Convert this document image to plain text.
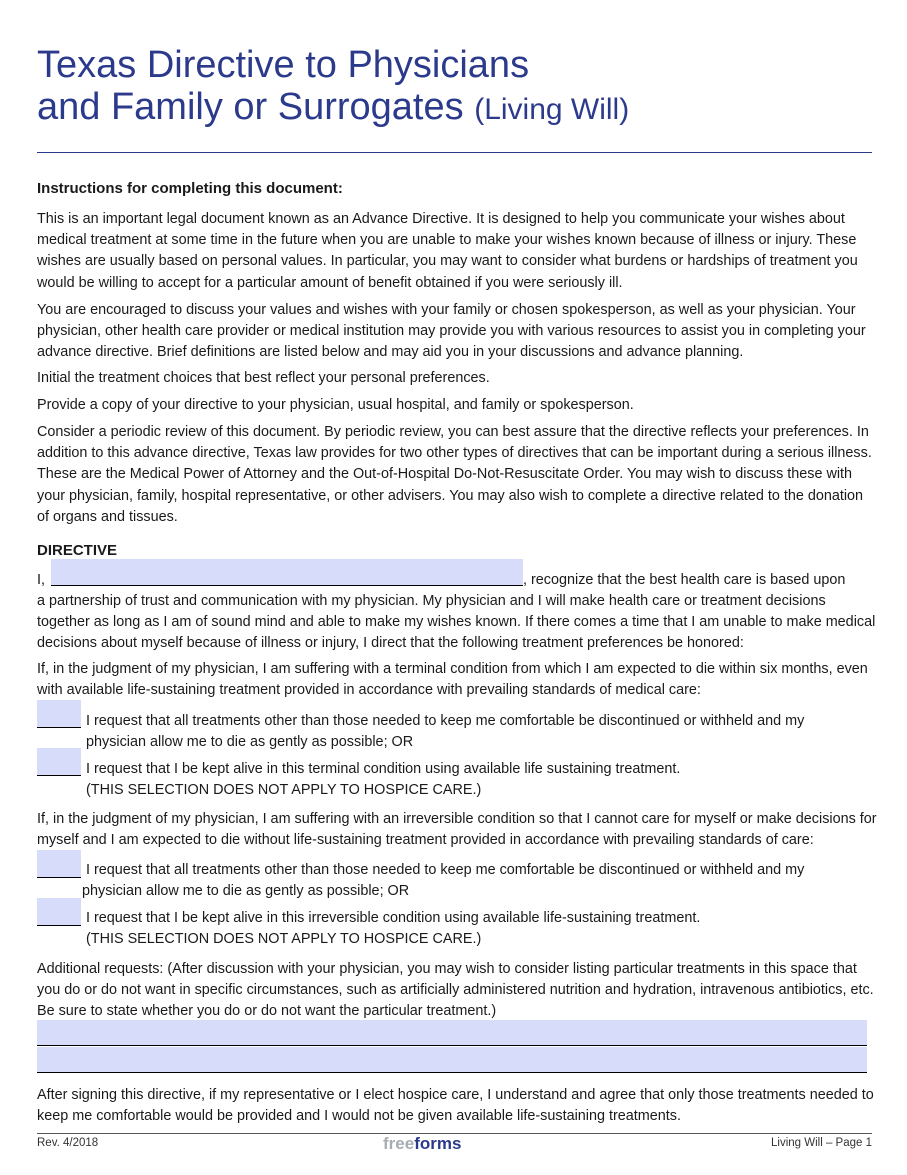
Texas Directive to Physicians
and Family or Surrogates (Living Will)

Instructions for completing this document:

This is an important legal document known as an Advance Directive. It is designed to help you communicate your wishes about medical treatment at some time in the future when you are unable to make your wishes known because of illness or injury. These wishes are usually based on personal values. In particular, you may want to consider what burdens or hardships of treatment you would be willing to accept for a particular amount of benefit obtained if you were seriously ill.

You are encouraged to discuss your values and wishes with your family or chosen spokesperson, as well as your physician. Your physician, other health care provider or medical institution may provide you with various resources to assist you in completing your advance directive. Brief definitions are listed below and may aid you in your discussions and advance planning.

Initial the treatment choices that best reflect your personal preferences.

Provide a copy of your directive to your physician, usual hospital, and family or spokesperson.

Consider a periodic review of this document. By periodic review, you can best assure that the directive reflects your preferences. In addition to this advance directive, Texas law provides for two other types of directives that can be important during a serious illness. These are the Medical Power of Attorney and the Out-of-Hospital Do-Not-Resuscitate Order. You may wish to discuss these with your physician, family, hospital representative, or other advisers. You may also wish to complete a directive related to the donation of organs and tissues.

DIRECTIVE

I,	, recognize that the best health care is based upon

a partnership of trust and communication with my physician. My physician and I will make health care or treatment decisions together as long as I am of sound mind and able to make my wishes known. If there comes a time that I am unable to make medical decisions about myself because of illness or injury, I direct that the following treatment preferences be honored:

If, in the judgment of my physician, I am suffering with a terminal condition from which I am expected to die within six months, even with available life-sustaining treatment provided in accordance with prevailing standards of medical care:

I request that all treatments other than those needed to keep me comfortable be discontinued or withheld and my
physician allow me to die as gently as possible; OR
I request that I be kept alive in this terminal condition using available life sustaining treatment.
(THIS SELECTION DOES NOT APPLY TO HOSPICE CARE.)

If, in the judgment of my physician, I am suffering with an irreversible condition so that I cannot care for myself or make decisions for myself and I am expected to die without life-sustaining treatment provided in accordance with prevailing standards of care:

I request that all treatments other than those needed to keep me comfortable be discontinued or withheld and my
physician allow me to die as gently as possible; OR
I request that I be kept alive in this irreversible condition using available life-sustaining treatment.
(THIS SELECTION DOES NOT APPLY TO HOSPICE CARE.)

Additional requests: (After discussion with your physician, you may wish to consider listing particular treatments in this space that you do or do not want in specific circumstances, such as artificially administered nutrition and hydration, intravenous antibiotics, etc. Be sure to state whether you do or do not want the particular treatment.)

After signing this directive, if my representative or I elect hospice care, I understand and agree that only those treatments needed to keep me comfortable would be provided and I would not be given available life-sustaining treatments.

Rev. 4/2018	freeforms	Living Will – Page 1
